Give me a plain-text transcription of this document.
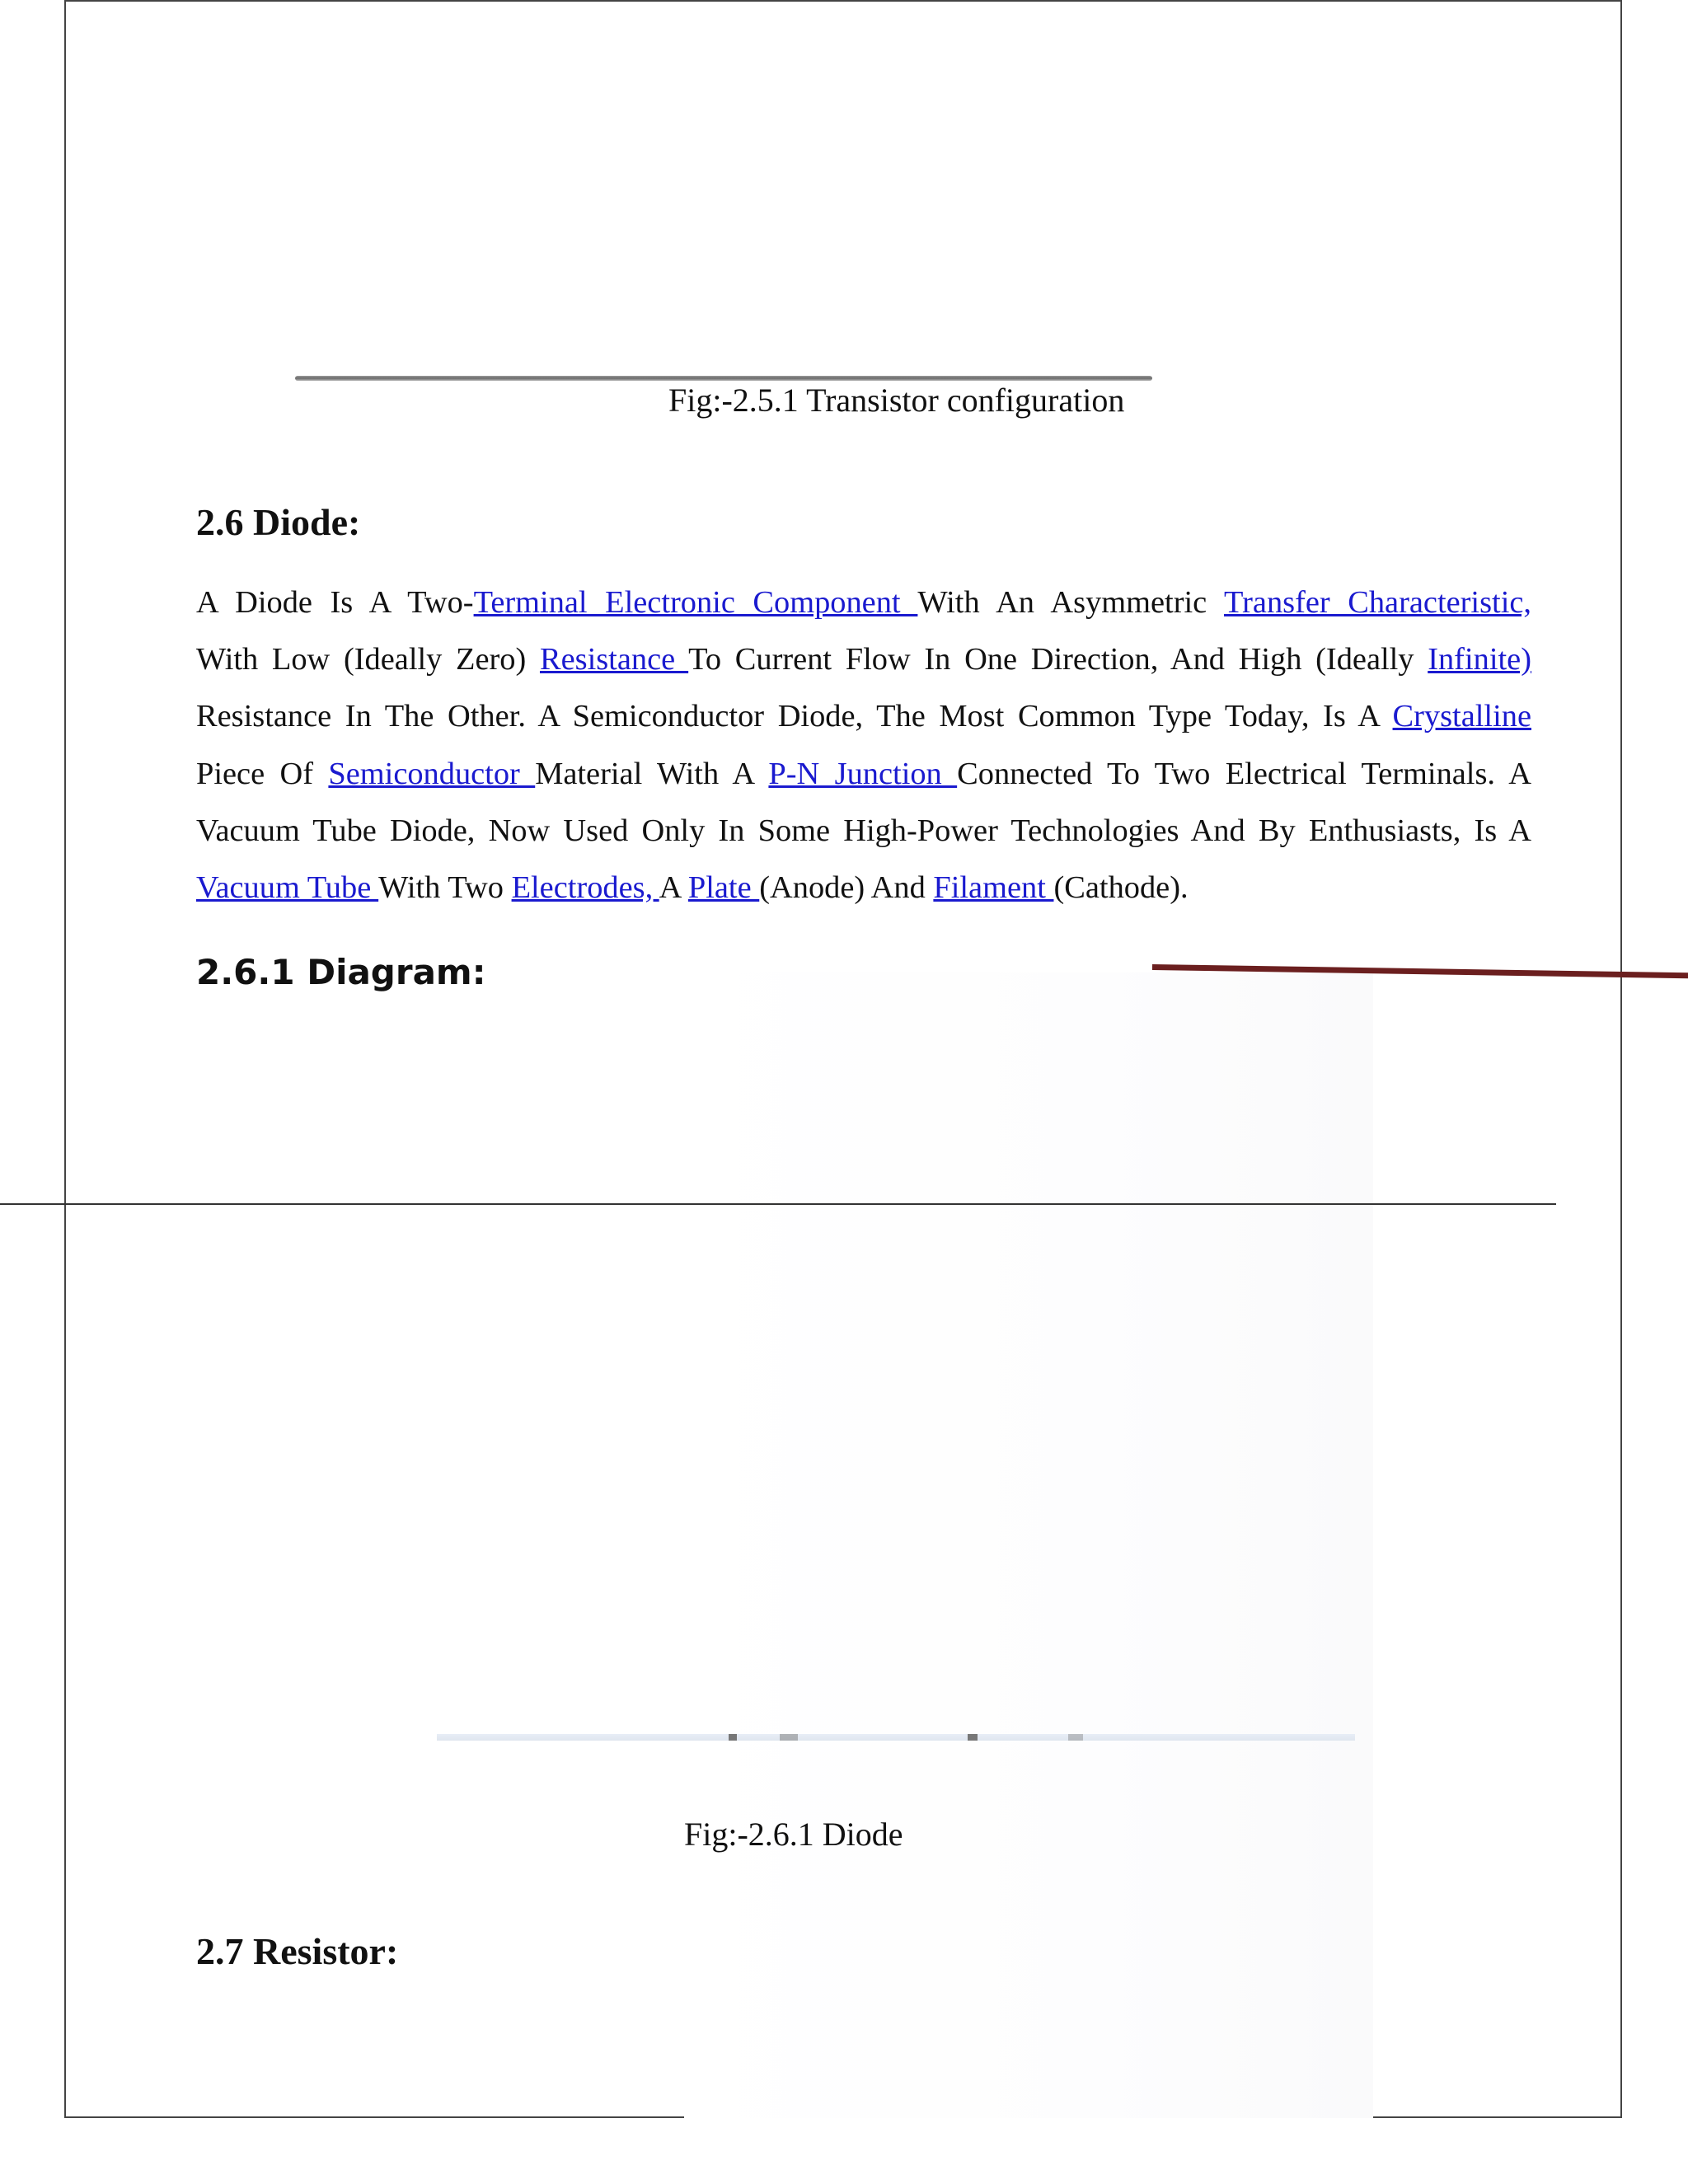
Fig:-2.5.1 Transistor configuration
2.6 Diode:
A Diode Is A Two-Terminal Electronic Component With An Asymmetric Transfer Characteristic,
With Low (Ideally Zero) Resistance To Current Flow In One Direction, And High (Ideally Infinite)
Resistance In The Other. A Semiconductor Diode, The Most Common Type Today, Is A Crystalline
Piece Of Semiconductor Material With A P-N Junction Connected To Two Electrical Terminals. A
Vacuum Tube Diode, Now Used Only In Some High-Power Technologies And By Enthusiasts, Is A
Vacuum Tube With Two Electrodes, A Plate (Anode) And Filament (Cathode).
2.6.1 Diagram:
Fig:-2.6.1 Diode
2.7 Resistor:
